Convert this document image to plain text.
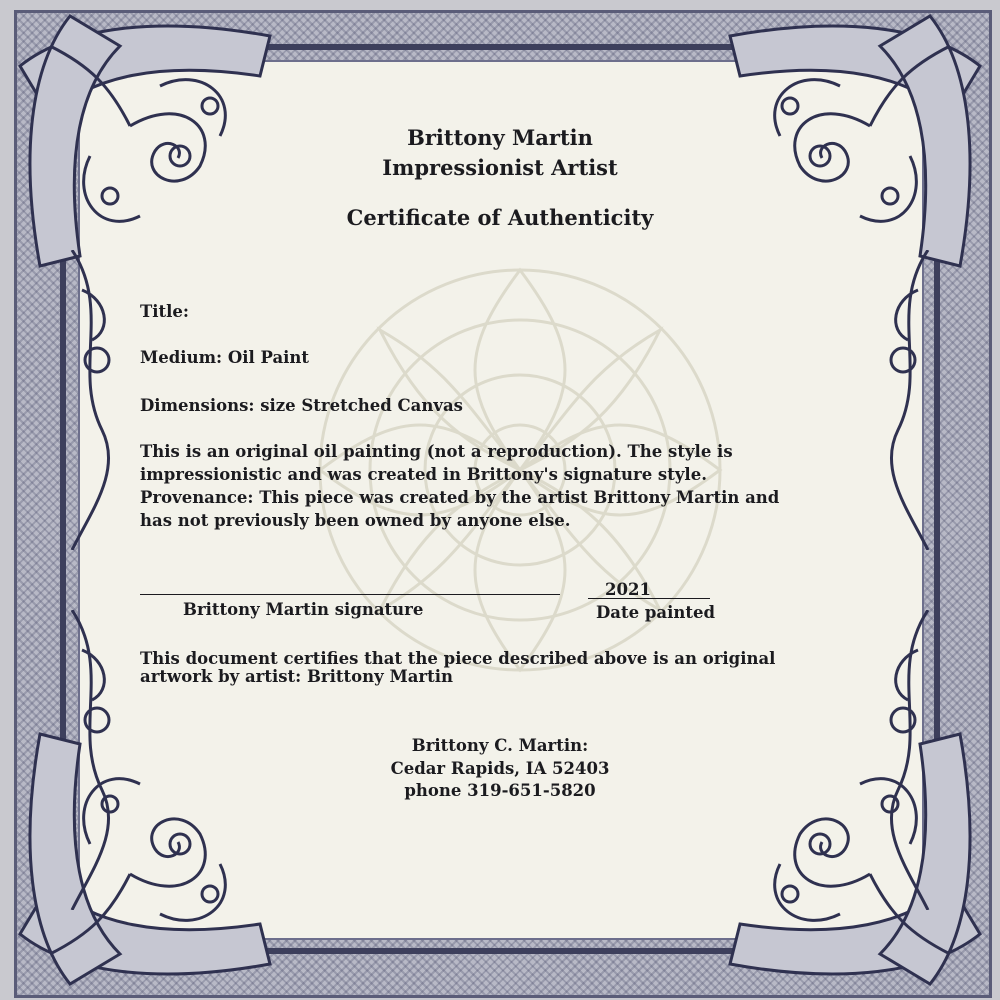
Brittony Martin
Impressionist Artist
Certificate of Authenticity
Title:
Medium: Oil Paint
Dimensions: size Stretched Canvas
This is an original oil painting (not a reproduction). The style is
impressionistic and was created in Brittony's signature style.
Provenance: This piece was created by the artist Brittony Martin and
has not previously been owned by anyone else.
Brittony Martin signature
2021
Date painted
This document certifies that the piece described above is an original
artwork by artist: Brittony Martin
Brittony C. Martin:
Cedar Rapids, IA 52403
phone 319-651-5820
